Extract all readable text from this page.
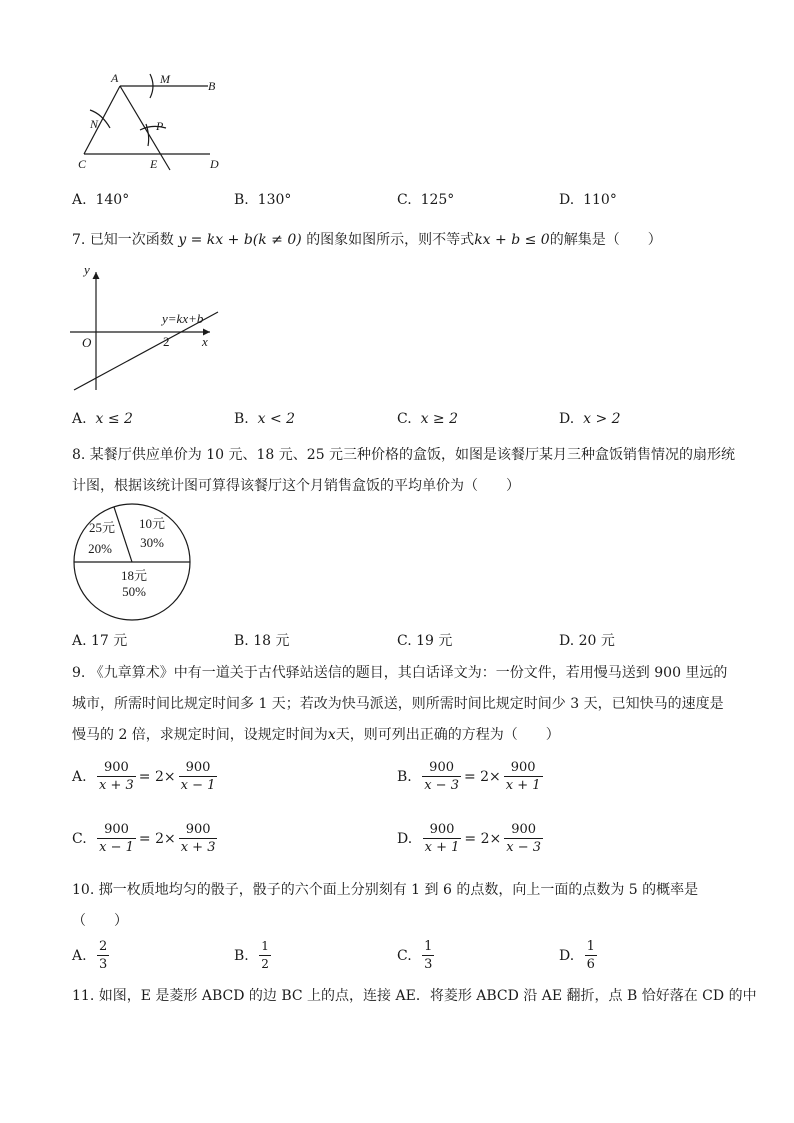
A	M	B
N	P
C	E	D
A. 140°	B. 130°	C. 125°	D. 110°
7. 已知一次函数 y = kx + b(k ≠ 0) 的图象如图所示，则不等式kx + b ≤ 0的解集是（　　）
y
x
O	2
y=kx+b
A. x ≤ 2	B. x < 2	C. x ≥ 2	D. x > 2
8. 某餐厅供应单价为 10 元、18 元、25 元三种价格的盒饭，如图是该餐厅某月三种盒饭销售情况的扇形统
计图，根据该统计图可算得该餐厅这个月销售盒饭的平均单价为（　　）
10元
30%
18元
50%
25元
20%
A. 17 元	B. 18 元	C. 19 元	D. 20 元
9. 《九章算术》中有一道关于古代驿站送信的题目，其白话译文为：一份文件，若用慢马送到 900 里远的
城市，所需时间比规定时间多 1 天；若改为快马派送，则所需时间比规定时间少 3 天，已知快马的速度是
慢马的 2 倍，求规定时间，设规定时间为x天，则可列出正确的方程为（　　）
A.
$\frac{900}{x + 3} = 2\times \frac{900}{x - 1}$	B.
$\frac{900}{x - 3} = 2\times \frac{900}{x + 1}$
C.
$\frac{900}{x - 1} = 2\times \frac{900}{x + 3}$	D.
$\frac{900}{x + 1} = 2\times \frac{900}{x - 3}$
10. 掷一枚质地均匀的骰子，骰子的六个面上分别刻有 1 到 6 的点数，向上一面的点数为 5 的概率是
（　　）
A.
$\frac{2}{3}$	B.
$\frac{1}{2}$	C.
$\frac{1}{3}$	D.
$\frac{1}{6}$
11. 如图，E 是菱形 ABCD 的边 BC 上的点，连接 AE．将菱形 ABCD 沿 AE 翻折，点 B 恰好落在 CD 的中
